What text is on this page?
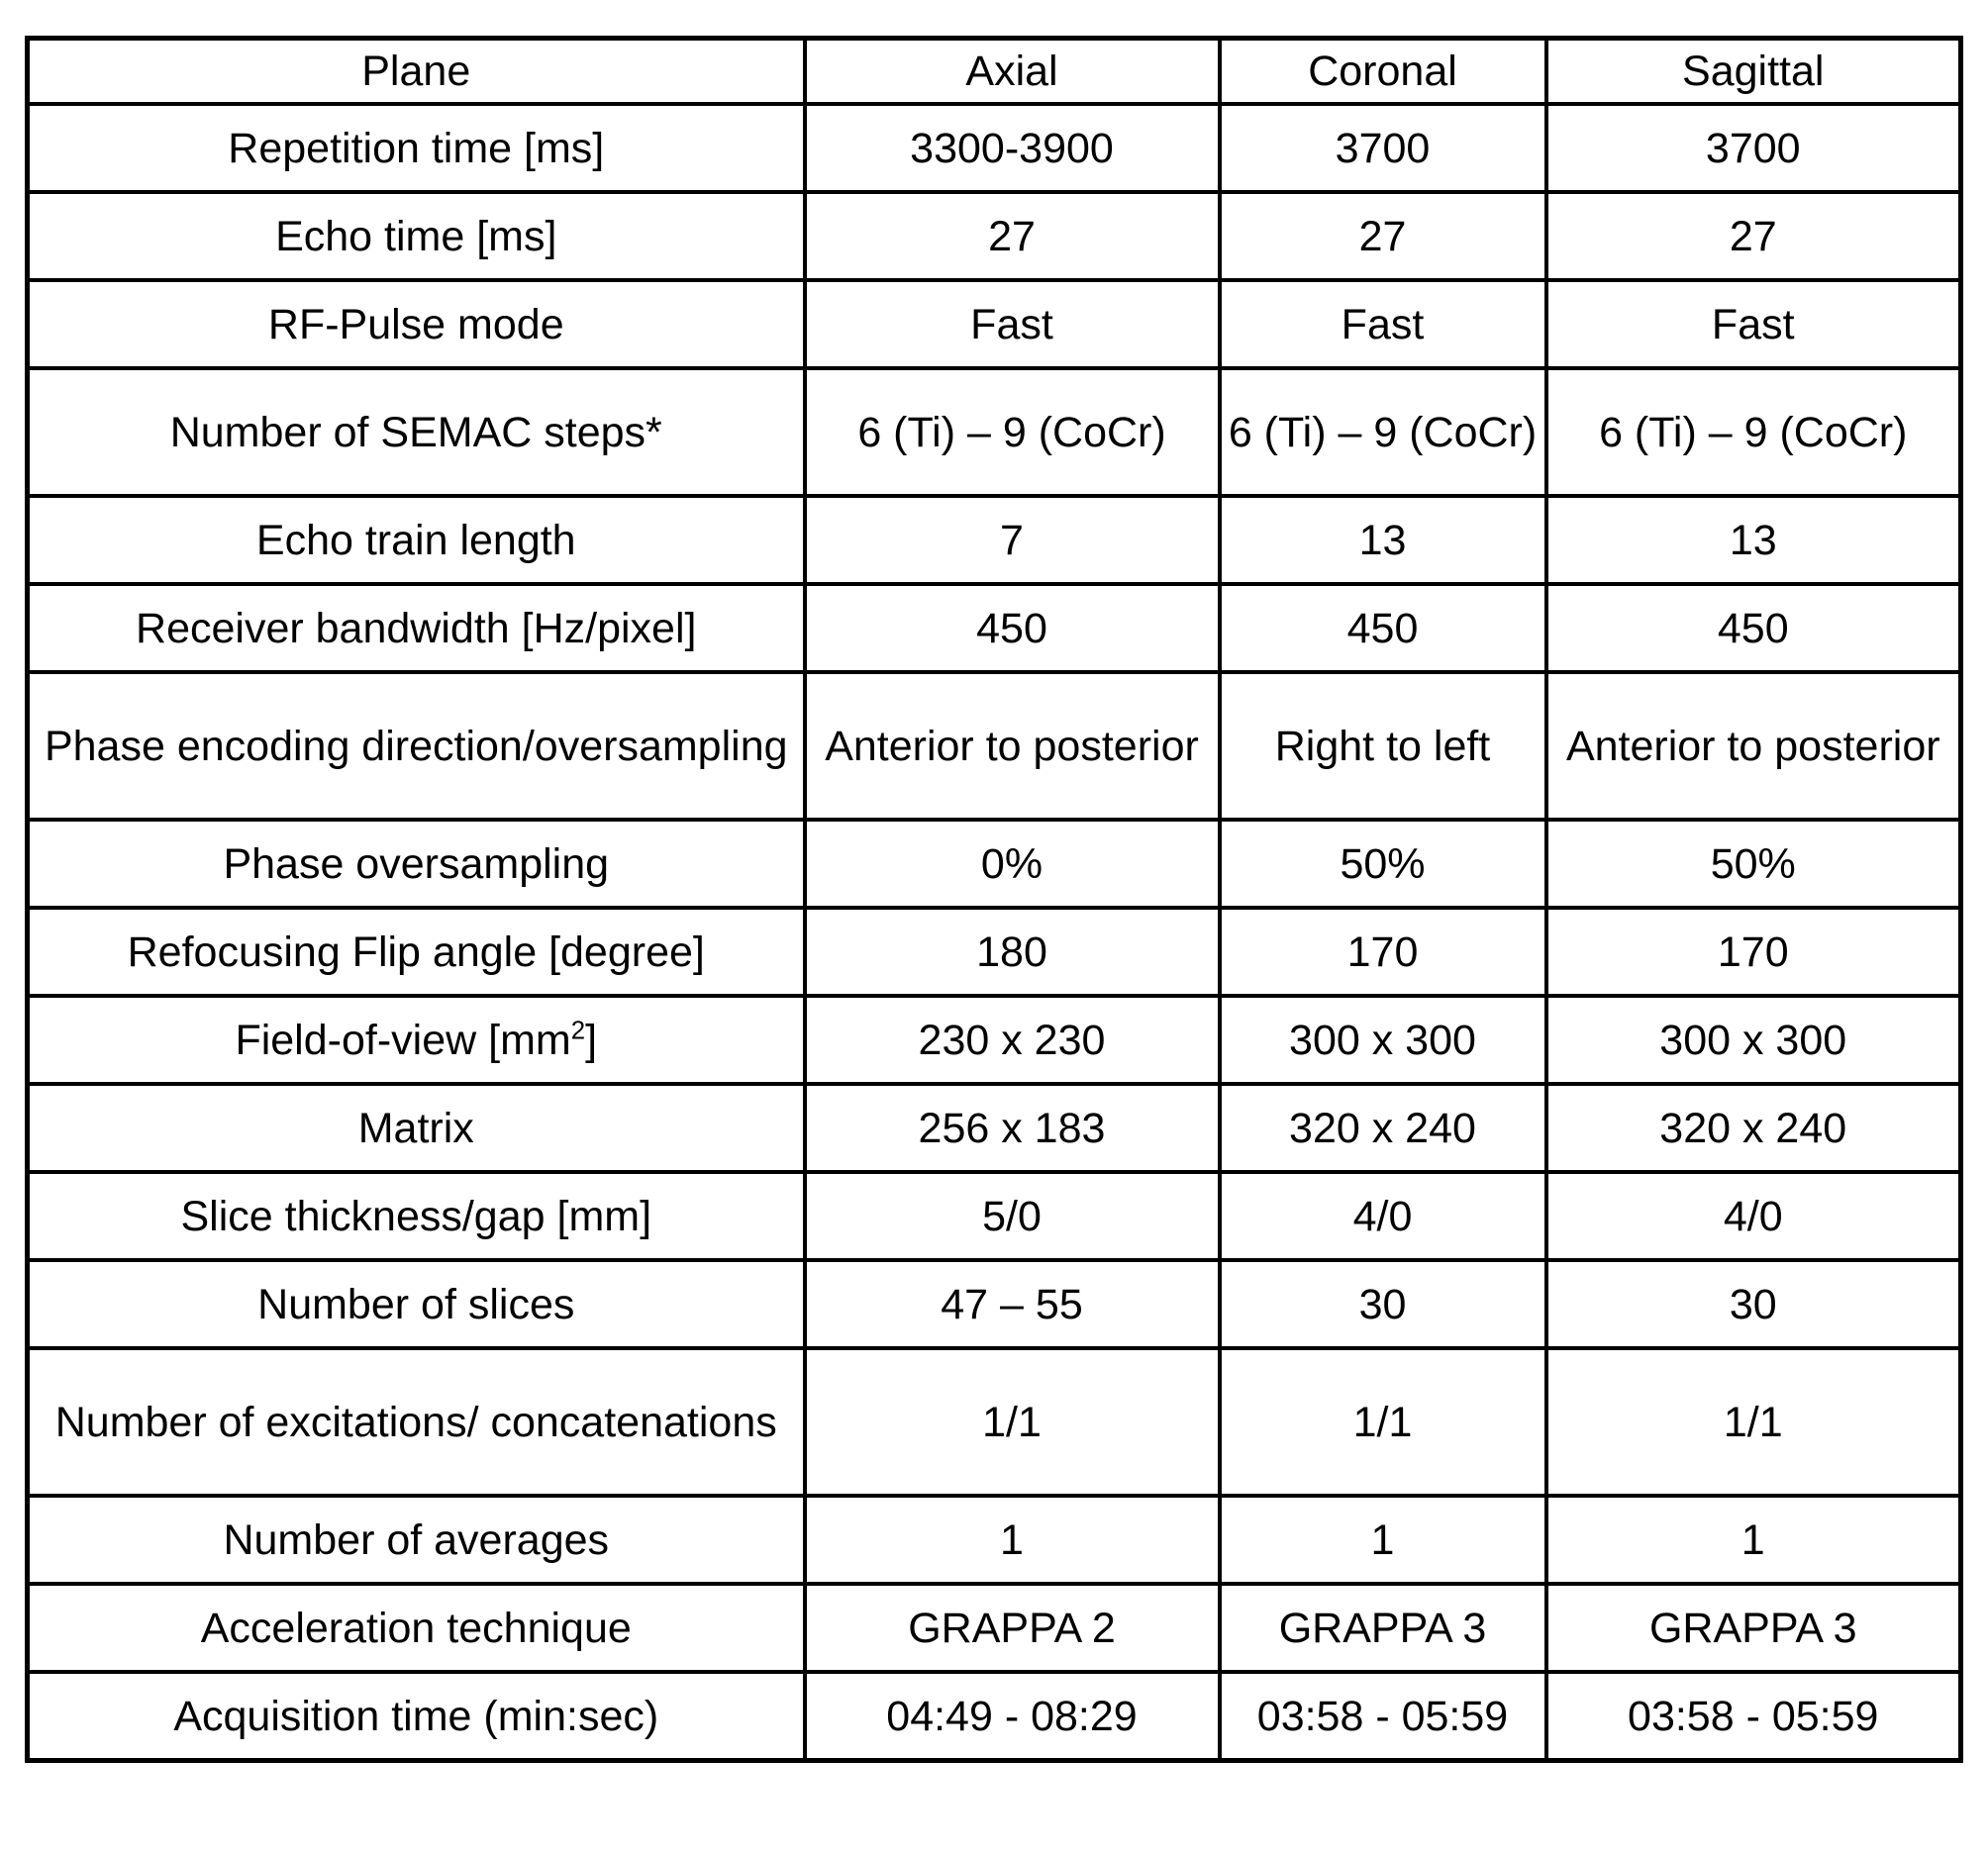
Plane	Axial	Coronal	Sagittal
Repetition time [ms]	3300-3900	3700	3700
Echo time [ms]	27	27	27
RF-Pulse mode	Fast	Fast	Fast
Number of SEMAC steps*	6 (Ti) – 9 (CoCr)	6 (Ti) – 9 (CoCr)	6 (Ti) – 9 (CoCr)
Echo train length	7	13	13
Receiver bandwidth [Hz/pixel]	450	450	450
Phase encoding direction/oversampling	Anterior to posterior	Right to left	Anterior to posterior
Phase oversampling	0%	50%	50%
Refocusing Flip angle [degree]	180	170	170
Field-of-view $[mm^2]$	230 x 230	300 x 300	300 x 300
Matrix	256 x 183	320 x 240	320 x 240
Slice thickness/gap [mm]	5/0	4/0	4/0
Number of slices	47 – 55	30	30
Number of excitations/ concatenations	1/1	1/1	1/1
Number of averages	1	1	1
Acceleration technique	GRAPPA 2	GRAPPA 3	GRAPPA 3
Acquisition time (min:sec)	04:49 - 08:29	03:58 - 05:59	03:58 - 05:59
